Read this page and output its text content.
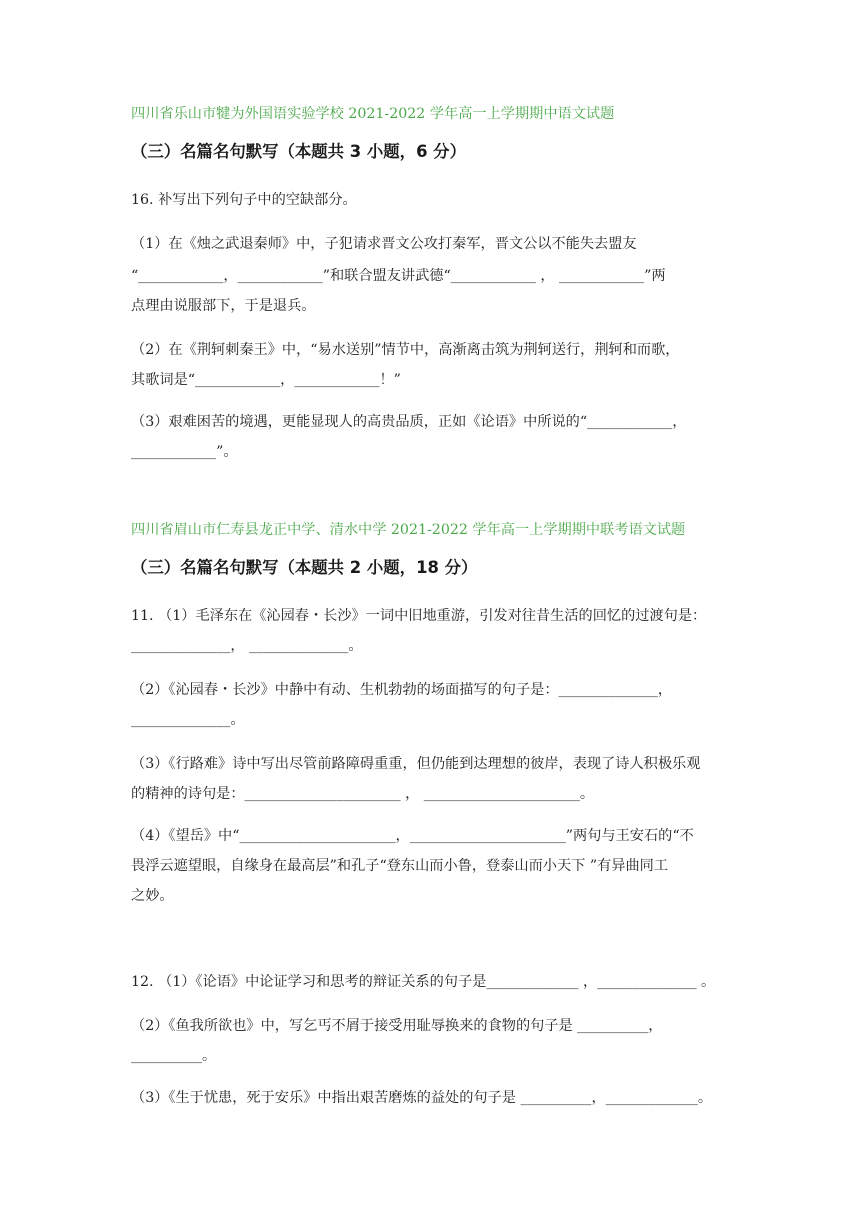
四川省乐山市犍为外国语实验学校 2021-2022 学年高一上学期期中语文试题
（三）名篇名句默写（本题共 3 小题，6 分）
16. 补写出下列句子中的空缺部分。
（1）在《烛之武退秦师》中，子犯请求晋文公攻打秦军，晋文公以不能失去盟友
“____________，____________”和联合盟友讲武德“____________ ， ____________”两
点理由说服部下，于是退兵。
（2）在《荆轲刺秦王》中，“易水送别”情节中，高渐离击筑为荆轲送行，荆轲和而歌，
其歌词是“____________，____________！”
（3）艰难困苦的境遇，更能显现人的高贵品质，正如《论语》中所说的“____________，
____________”。
四川省眉山市仁寿县龙正中学、清水中学 2021-2022 学年高一上学期期中联考语文试题
（三）名篇名句默写（本题共 2 小题，18 分）
11. （1）毛泽东在《沁园春・长沙》一词中旧地重游，引发对往昔生活的回忆的过渡句是：
______________， ______________。
（2）《沁园春・长沙》中静中有动、生机勃勃的场面描写的句子是：______________，
______________。
（3）《行路难》诗中写出尽管前路障碍重重，但仍能到达理想的彼岸，表现了诗人积极乐观
的精神的诗句是：______________________ ， ______________________。
（4）《望岳》中“______________________，______________________”两句与王安石的“不
畏浮云遮望眼，自缘身在最高层”和孔子“登东山而小鲁，登泰山而小天下 ”有异曲同工
之妙。
12. （1）《论语》中论证学习和思考的辩证关系的句子是_____________ ，______________ 。
（2）《鱼我所欲也》中，写乞丐不屑于接受用耻辱换来的食物的句子是 __________，
__________。
（3）《生于忧患，死于安乐》中指出艰苦磨炼的益处的句子是 __________，_____________。
